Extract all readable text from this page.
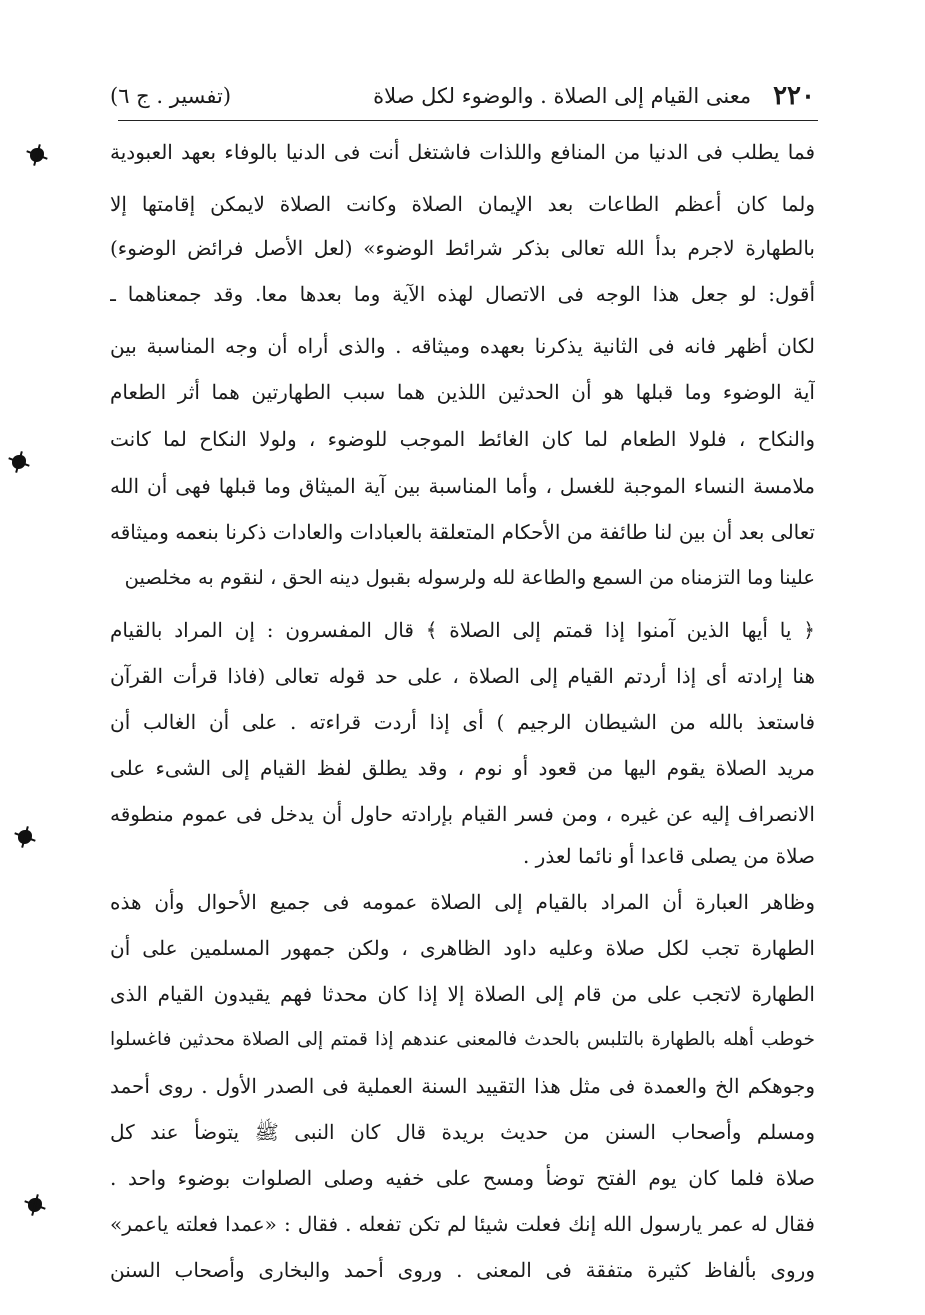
٢٢٠
معنى القيام إلى الصلاة . والوضوء لكل صلاة
(تفسير . ج ٦)
فما يطلب فى الدنيا من المنافع واللذات فاشتغل أنت فى الدنيا بالوفاء بعهد العبودية
ولما كان أعظم الطاعات بعد الإيمان الصلاة وكانت الصلاة لايمكن إقامتها إلا
بالطهارة لاجرم بدأ الله تعالى بذكر شرائط الوضوء» (لعل الأصل فرائض الوضوء)
أقول: لو جعل هذا الوجه فى الاتصال لهذه الآية وما بعدها معا. وقد جمعناهما ـ
لكان أظهر فانه فى الثانية يذكرنا بعهده وميثاقه . والذى أراه أن وجه المناسبة بين
آية الوضوء وما قبلها هو أن الحدثين اللذين هما سبب الطهارتين هما أثر الطعام
والنكاح ، فلولا الطعام لما كان الغائط الموجب للوضوء ، ولولا النكاح لما كانت
ملامسة النساء الموجبة للغسل ، وأما المناسبة بين آية الميثاق وما قبلها فهى أن الله
تعالى بعد أن بين لنا طائفة من الأحكام المتعلقة بالعبادات والعادات ذكرنا بنعمه وميثاقه
علينا وما التزمناه من السمع والطاعة لله ولرسوله بقبول دينه الحق ، لنقوم به مخلصين
﴿ يا أيها الذين آمنوا إذا قمتم إلى الصلاة ﴾ قال المفسرون : إن المراد بالقيام
هنا إرادته أى إذا أردتم القيام إلى الصلاة ، على حد قوله تعالى (فاذا قرأت القرآن
فاستعذ بالله من الشيطان الرجيم ) أى إذا أردت قراءته . على أن الغالب أن
مريد الصلاة يقوم اليها من قعود أو نوم ، وقد يطلق لفظ القيام إلى الشىء على
الانصراف إليه عن غيره ، ومن فسر القيام بإرادته حاول أن يدخل فى عموم منطوقه
صلاة من يصلى قاعدا أو نائما لعذر .
وظاهر العبارة أن المراد بالقيام إلى الصلاة عمومه فى جميع الأحوال وأن هذه
الطهارة تجب لكل صلاة وعليه داود الظاهرى ، ولكن جمهور المسلمين على أن
الطهارة لاتجب على من قام إلى الصلاة إلا إذا كان محدثا فهم يقيدون القيام الذى
خوطب أهله بالطهارة بالتلبس بالحدث فالمعنى عندهم إذا قمتم إلى الصلاة محدثين فاغسلوا
وجوهكم الخ والعمدة فى مثل هذا التقييد السنة العملية فى الصدر الأول . روى أحمد
ومسلم وأصحاب السنن من حديث بريدة قال كان النبى ﷺ يتوضأ عند كل
صلاة فلما كان يوم الفتح توضأ ومسح على خفيه وصلى الصلوات بوضوء واحد .
فقال له عمر يارسول الله إنك فعلت شيئا لم تكن تفعله . فقال : «عمدا فعلته ياعمر»
وروى بألفاظ كثيرة متفقة فى المعنى . وروى أحمد والبخارى وأصحاب السنن
